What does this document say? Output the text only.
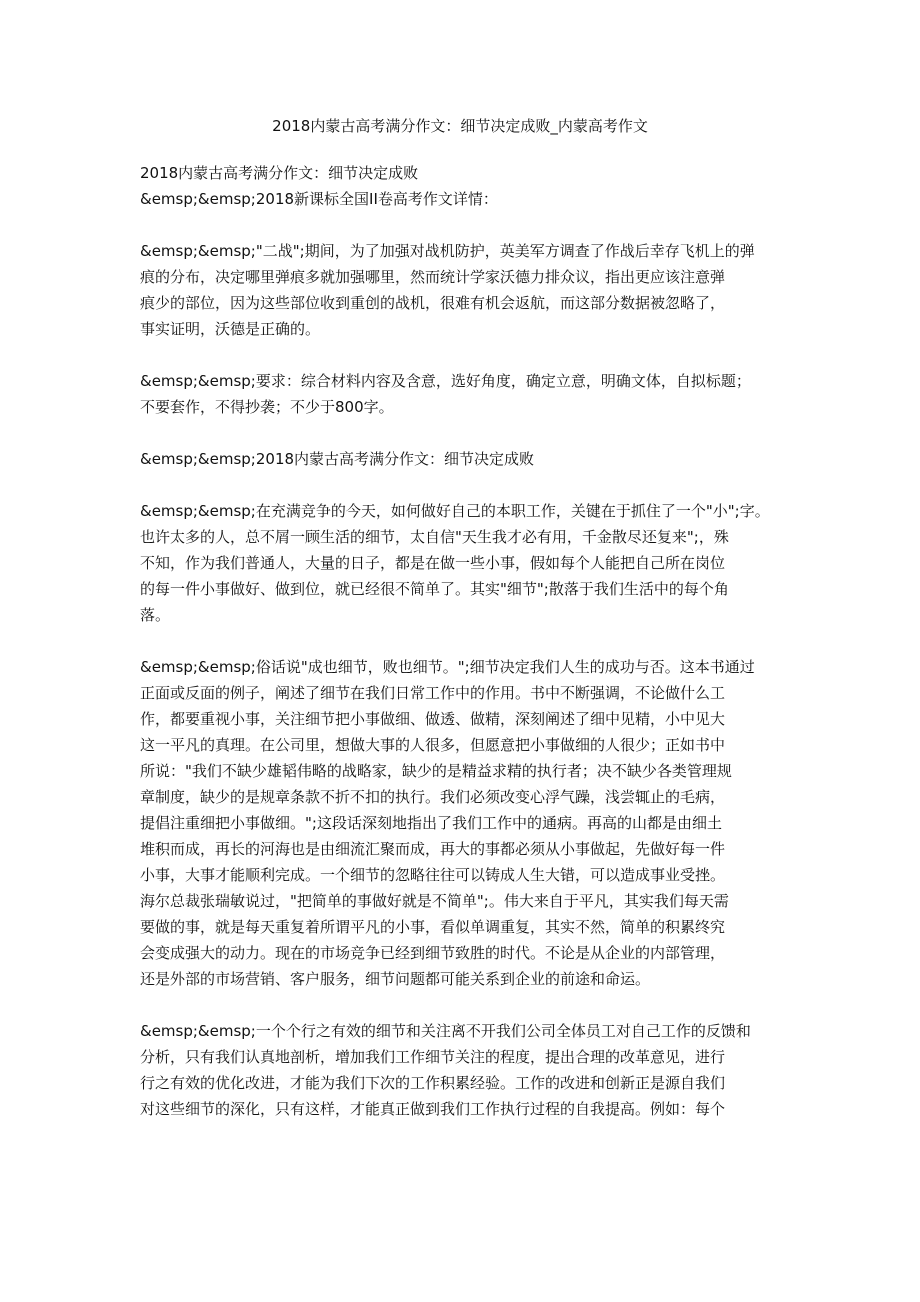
2018内蒙古高考满分作文：细节决定成败_内蒙高考作文
2018内蒙古高考满分作文：细节决定成败
&emsp;&emsp;2018新课标全国II卷高考作文详情：
&emsp;&emsp;"二战";期间，为了加强对战机防护，英美军方调查了作战后幸存飞机上的弹
痕的分布，决定哪里弹痕多就加强哪里，然而统计学家沃德力排众议，指出更应该注意弹
痕少的部位，因为这些部位收到重创的战机，很难有机会返航，而这部分数据被忽略了，
事实证明，沃德是正确的。
&emsp;&emsp;要求：综合材料内容及含意，选好角度，确定立意，明确文体，自拟标题；
不要套作，不得抄袭；不少于800字。
&emsp;&emsp;2018内蒙古高考满分作文：细节决定成败
&emsp;&emsp;在充满竞争的今天，如何做好自己的本职工作，关键在于抓住了一个"小";字。
也许太多的人，总不屑一顾生活的细节，太自信"天生我才必有用，千金散尽还复来";，殊
不知，作为我们普通人，大量的日子，都是在做一些小事，假如每个人能把自己所在岗位
的每一件小事做好、做到位，就已经很不简单了。其实"细节";散落于我们生活中的每个角
落。
&emsp;&emsp;俗话说"成也细节，败也细节。";细节决定我们人生的成功与否。这本书通过
正面或反面的例子，阐述了细节在我们日常工作中的作用。书中不断强调，不论做什么工
作，都要重视小事，关注细节把小事做细、做透、做精，深刻阐述了细中见精，小中见大
这一平凡的真理。在公司里，想做大事的人很多，但愿意把小事做细的人很少；正如书中
所说："我们不缺少雄韬伟略的战略家，缺少的是精益求精的执行者；决不缺少各类管理规
章制度，缺少的是规章条款不折不扣的执行。我们必须改变心浮气躁，浅尝辄止的毛病，
提倡注重细把小事做细。";这段话深刻地指出了我们工作中的通病。再高的山都是由细土
堆积而成，再长的河海也是由细流汇聚而成，再大的事都必须从小事做起，先做好每一件
小事，大事才能顺利完成。一个细节的忽略往往可以铸成人生大错，可以造成事业受挫。
海尔总裁张瑞敏说过，"把简单的事做好就是不简单";。伟大来自于平凡，其实我们每天需
要做的事，就是每天重复着所谓平凡的小事，看似单调重复，其实不然，简单的积累终究
会变成强大的动力。现在的市场竞争已经到细节致胜的时代。不论是从企业的内部管理，
还是外部的市场营销、客户服务，细节问题都可能关系到企业的前途和命运。
&emsp;&emsp;一个个行之有效的细节和关注离不开我们公司全体员工对自己工作的反馈和
分析，只有我们认真地剖析，增加我们工作细节关注的程度，提出合理的改革意见，进行
行之有效的优化改进，才能为我们下次的工作积累经验。工作的改进和创新正是源自我们
对这些细节的深化，只有这样，才能真正做到我们工作执行过程的自我提高。例如：每个
